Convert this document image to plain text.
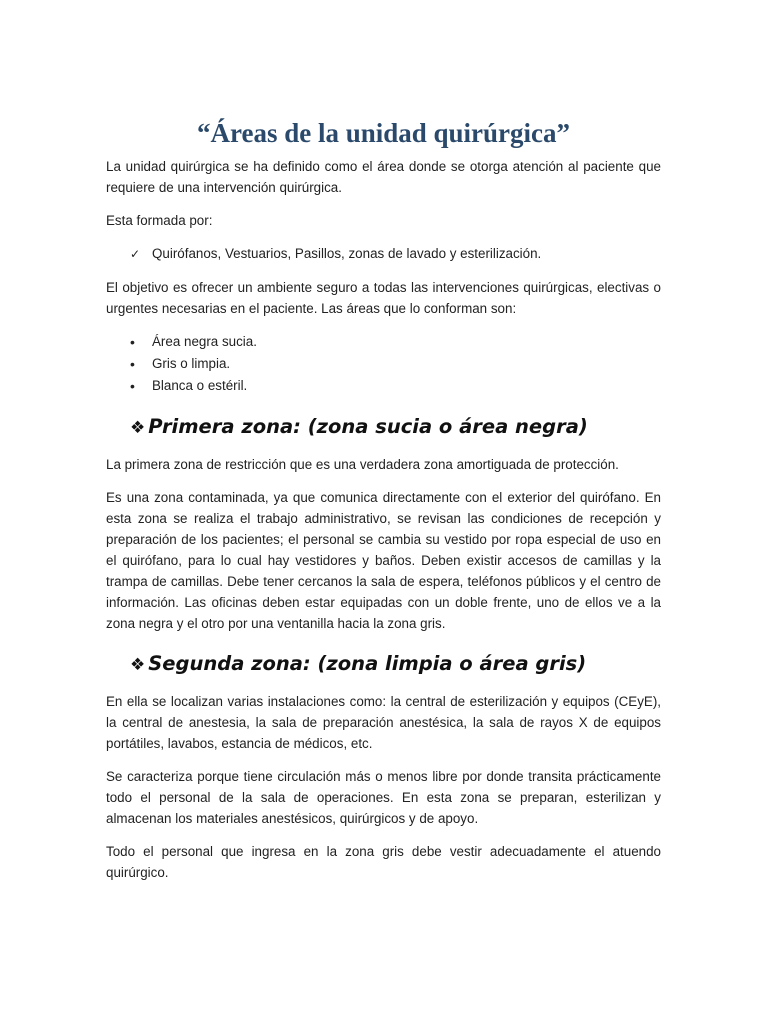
“Áreas de la unidad quirúrgica”

La unidad quirúrgica se ha definido como el área donde se otorga atención al paciente que requiere de una intervención quirúrgica.

Esta formada por:

✓ Quirófanos, Vestuarios, Pasillos, zonas de lavado y esterilización.

El objetivo es ofrecer un ambiente seguro a todas las intervenciones quirúrgicas, electivas o urgentes necesarias en el paciente. Las áreas que lo conforman son:

• Área negra sucia.
• Gris o limpia.
• Blanca o estéril.
❖ Primera zona: (zona sucia o área negra)

La primera zona de restricción que es una verdadera zona amortiguada de protección.

Es una zona contaminada, ya que comunica directamente con el exterior del quirófano. En esta zona se realiza el trabajo administrativo, se revisan las condiciones de recepción y preparación de los pacientes; el personal se cambia su vestido por ropa especial de uso en el quirófano, para lo cual hay vestidores y baños. Deben existir accesos de camillas y la trampa de camillas. Debe tener cercanos la sala de espera, teléfonos públicos y el centro de información. Las oficinas deben estar equipadas con un doble frente, uno de ellos ve a la zona negra y el otro por una ventanilla hacia la zona gris.

❖ Segunda zona: (zona limpia o área gris)

En ella se localizan varias instalaciones como: la central de esterilización y equipos (CEyE), la central de anestesia, la sala de preparación anestésica, la sala de rayos X de equipos portátiles, lavabos, estancia de médicos, etc.

Se caracteriza porque tiene circulación más o menos libre por donde transita prácticamente todo el personal de la sala de operaciones. En esta zona se preparan, esterilizan y almacenan los materiales anestésicos, quirúrgicos y de apoyo.

Todo el personal que ingresa en la zona gris debe vestir adecuadamente el atuendo quirúrgico.
